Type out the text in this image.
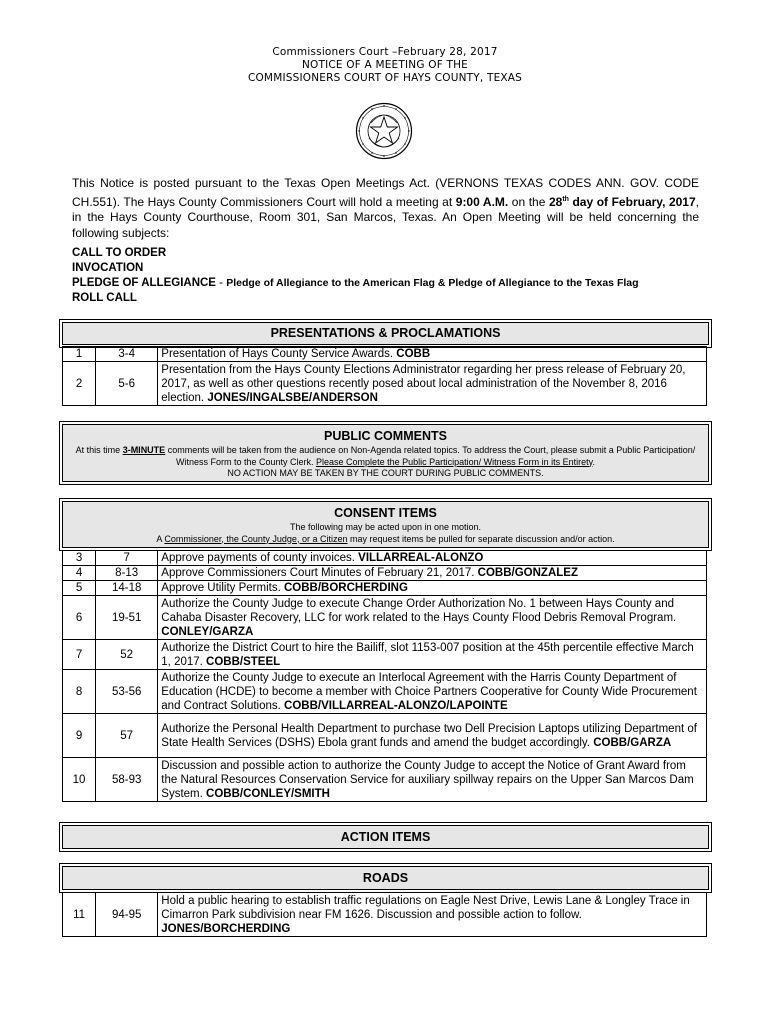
Commissioners Court –February 28, 2017
NOTICE OF A MEETING OF THE
COMMISSIONERS COURT OF HAYS COUNTY, TEXAS
This Notice is posted pursuant to the Texas Open Meetings Act. (VERNONS TEXAS CODES ANN. GOV. CODE CH.551). The Hays County Commissioners Court will hold a meeting at 9:00 A.M. on the 28th day of February, 2017, in the Hays County Courthouse, Room 301, San Marcos, Texas. An Open Meeting will be held concerning the following subjects:
CALL TO ORDER
INVOCATION
PLEDGE OF ALLEGIANCE - Pledge of Allegiance to the American Flag & Pledge of Allegiance to the Texas Flag
ROLL CALL
PRESENTATIONS & PROCLAMATIONS
1	3-4	Presentation of Hays County Service Awards. COBB
2	5-6	Presentation from the Hays County Elections Administrator regarding her press release of February 20, 2017, as well as other questions recently posed about local administration of the November 8, 2016 election. JONES/INGALSBE/ANDERSON
PUBLIC COMMENTS
At this time 3-MINUTE comments will be taken from the audience on Non-Agenda related topics. To address the Court, please submit a Public Participation/ Witness Form to the County Clerk. Please Complete the Public Participation/ Witness Form in its Entirety.
NO ACTION MAY BE TAKEN BY THE COURT DURING PUBLIC COMMENTS.
CONSENT ITEMS
The following may be acted upon in one motion.
A Commissioner, the County Judge, or a Citizen may request items be pulled for separate discussion and/or action.
3	7	Approve payments of county invoices. VILLARREAL-ALONZO
4	8-13	Approve Commissioners Court Minutes of February 21, 2017. COBB/GONZALEZ
5	14-18	Approve Utility Permits. COBB/BORCHERDING
6	19-51	Authorize the County Judge to execute Change Order Authorization No. 1 between Hays County and Cahaba Disaster Recovery, LLC for work related to the Hays County Flood Debris Removal Program. CONLEY/GARZA
7	52	Authorize the District Court to hire the Bailiff, slot 1153-007 position at the 45th percentile effective March 1, 2017. COBB/STEEL
8	53-56	Authorize the County Judge to execute an Interlocal Agreement with the Harris County Department of Education (HCDE) to become a member with Choice Partners Cooperative for County Wide Procurement and Contract Solutions. COBB/VILLARREAL-ALONZO/LAPOINTE
9	57	Authorize the Personal Health Department to purchase two Dell Precision Laptops utilizing Department of State Health Services (DSHS) Ebola grant funds and amend the budget accordingly. COBB/GARZA
10	58-93	Discussion and possible action to authorize the County Judge to accept the Notice of Grant Award from the Natural Resources Conservation Service for auxiliary spillway repairs on the Upper San Marcos Dam System. COBB/CONLEY/SMITH
ACTION ITEMS
ROADS
11	94-95	Hold a public hearing to establish traffic regulations on Eagle Nest Drive, Lewis Lane & Longley Trace in Cimarron Park subdivision near FM 1626. Discussion and possible action to follow. JONES/BORCHERDING
